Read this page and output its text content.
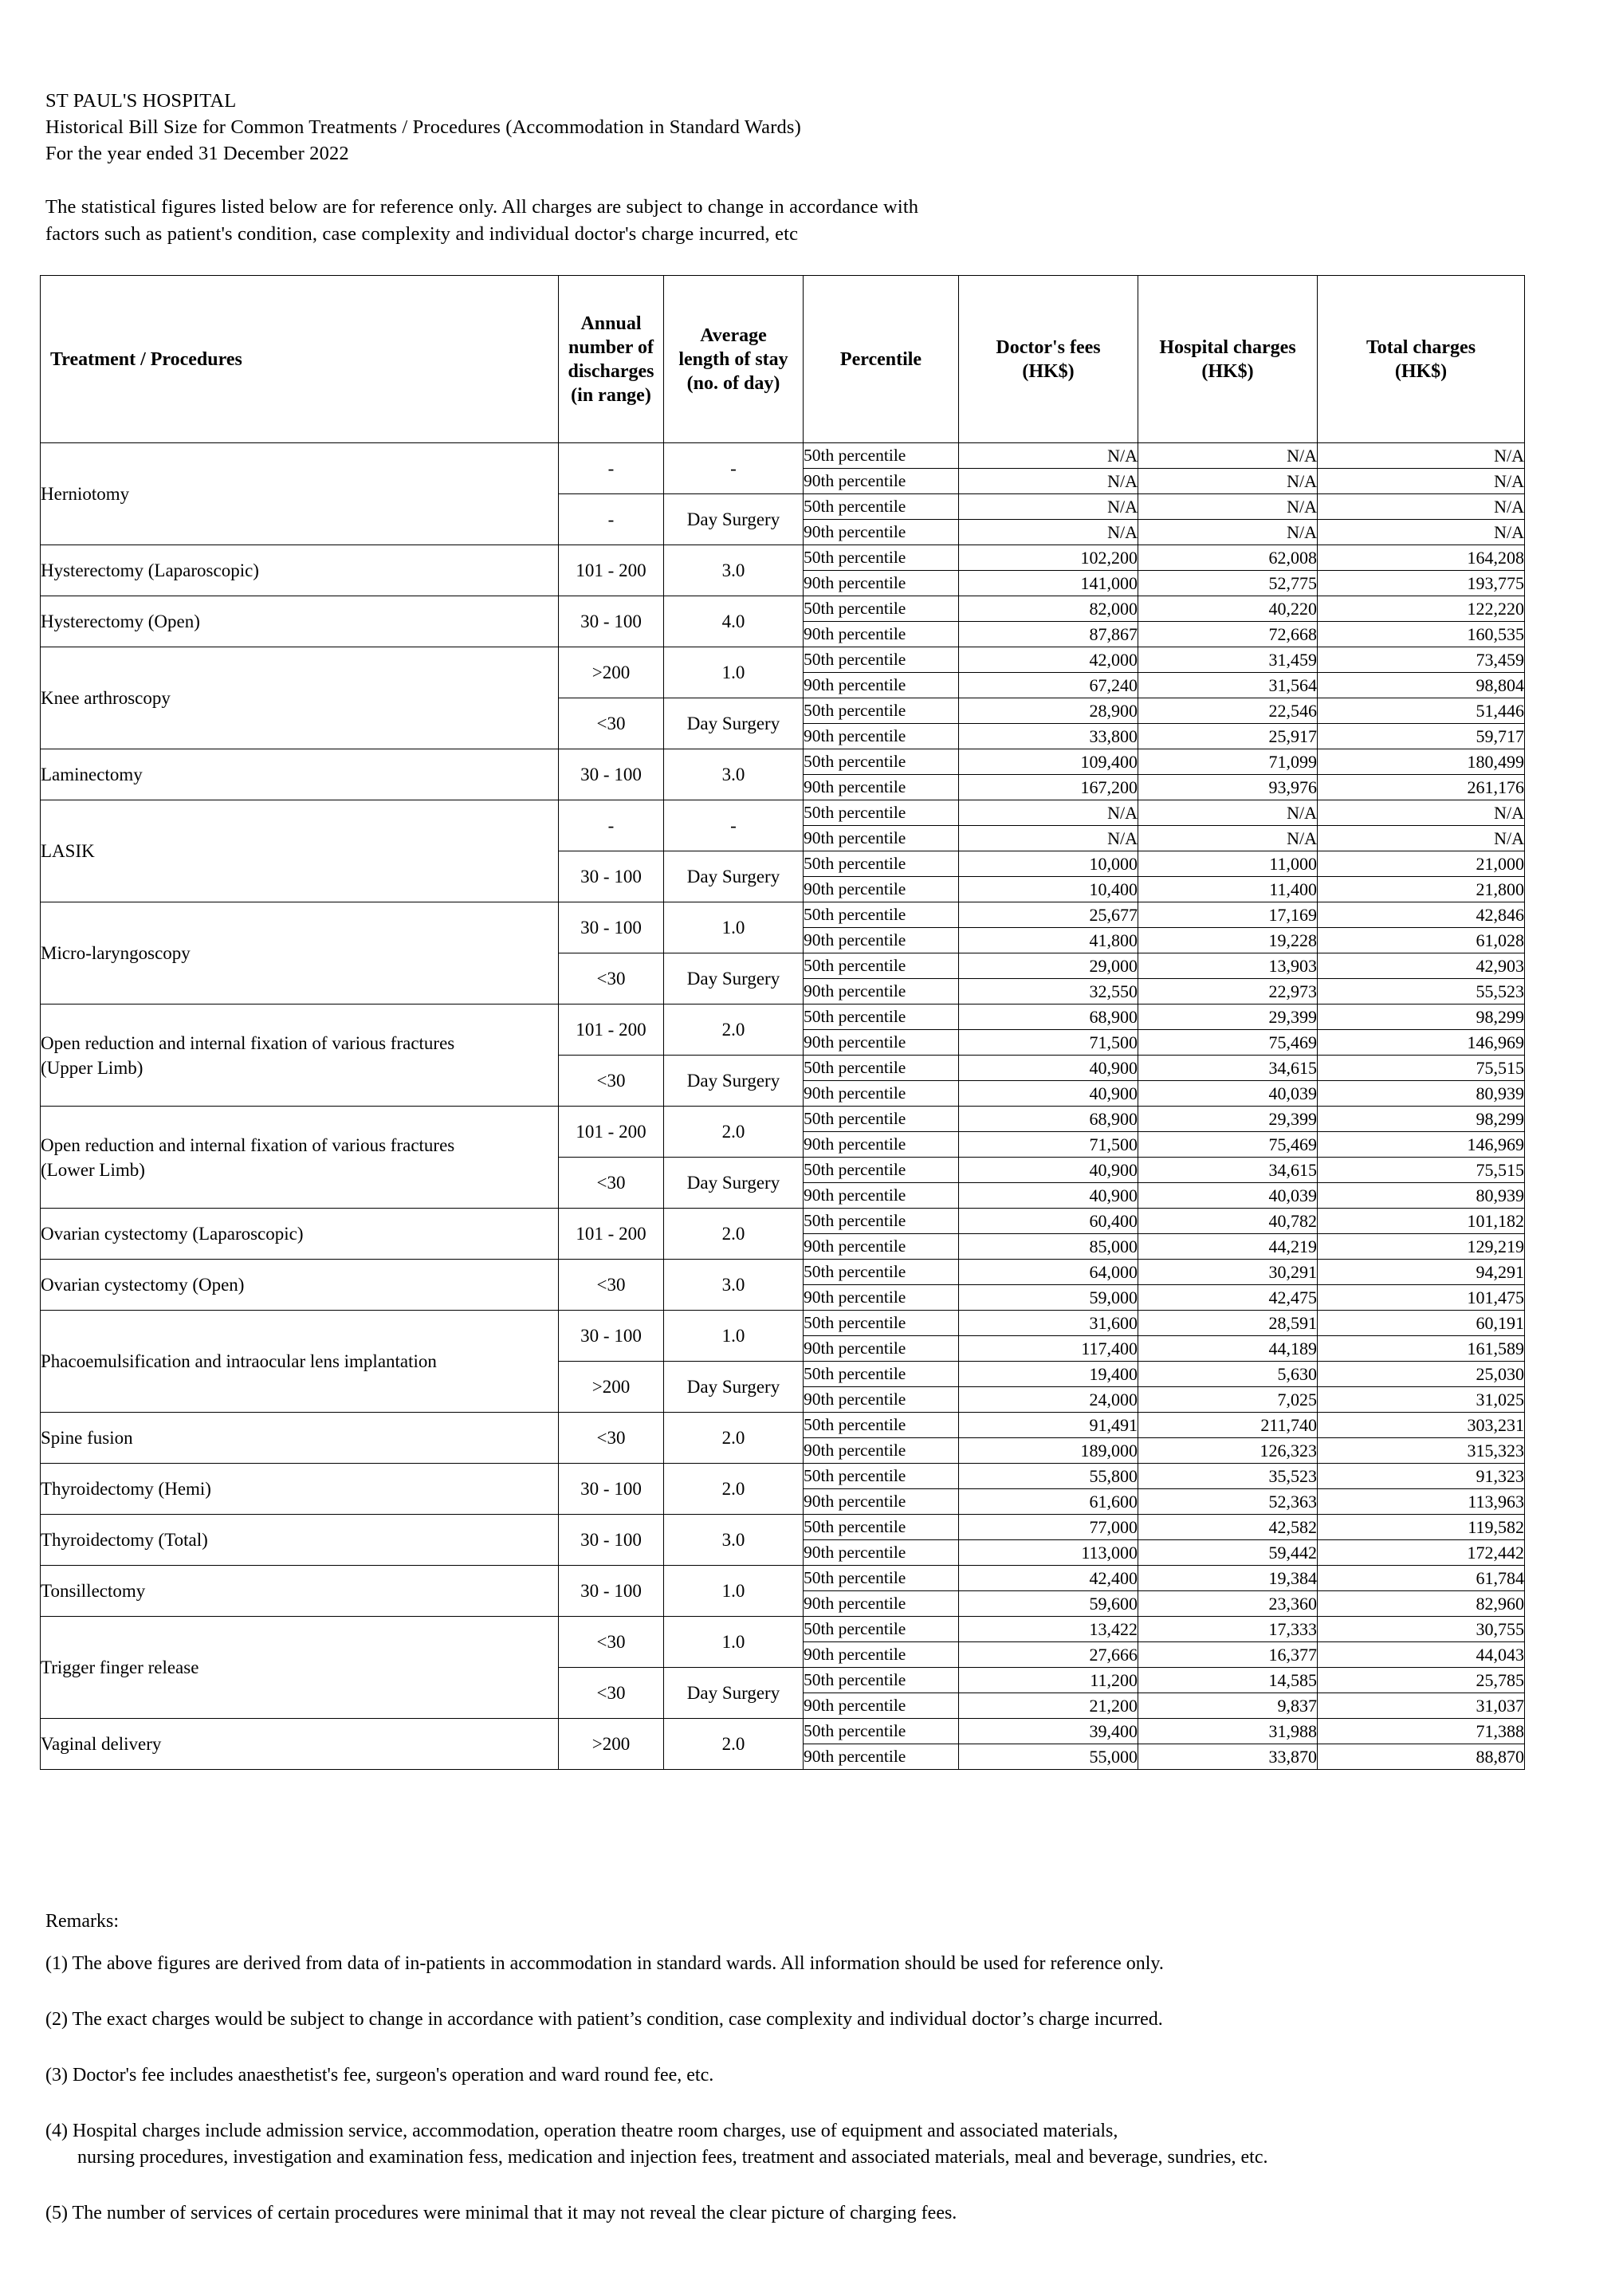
ST PAUL'S HOSPITAL
Historical Bill Size for Common Treatments / Procedures (Accommodation in Standard Wards)
For the year ended 31 December 2022
The statistical figures listed below are for reference only. All charges are subject to change in accordance with
factors such as patient's condition, case complexity and individual doctor's charge incurred, etc
Treatment / Procedures	Annual
number of
discharges
(in range)	Average
length of stay
(no. of day)	Percentile	Doctor's fees
(HK$)	Hospital charges
(HK$)	Total charges
(HK$)
Herniotomy	-	-	50th percentile	N/A	N/A	N/A
			90th percentile	N/A	N/A	N/A
	-	Day Surgery	50th percentile	N/A	N/A	N/A
			90th percentile	N/A	N/A	N/A
Hysterectomy (Laparoscopic)	101 - 200	3.0	50th percentile	102,200	62,008	164,208
			90th percentile	141,000	52,775	193,775
Hysterectomy (Open)	30 - 100	4.0	50th percentile	82,000	40,220	122,220
			90th percentile	87,867	72,668	160,535
Knee arthroscopy	>200	1.0	50th percentile	42,000	31,459	73,459
			90th percentile	67,240	31,564	98,804
	<30	Day Surgery	50th percentile	28,900	22,546	51,446
			90th percentile	33,800	25,917	59,717
Laminectomy	30 - 100	3.0	50th percentile	109,400	71,099	180,499
			90th percentile	167,200	93,976	261,176
LASIK	-	-	50th percentile	N/A	N/A	N/A
			90th percentile	N/A	N/A	N/A
	30 - 100	Day Surgery	50th percentile	10,000	11,000	21,000
			90th percentile	10,400	11,400	21,800
Micro-laryngoscopy	30 - 100	1.0	50th percentile	25,677	17,169	42,846
			90th percentile	41,800	19,228	61,028
	<30	Day Surgery	50th percentile	29,000	13,903	42,903
			90th percentile	32,550	22,973	55,523

Open reduction and internal fixation of various fractures
(Upper Limb)	101 - 200	2.0	50th percentile	68,900	29,399	98,299
			90th percentile	71,500	75,469	146,969
	<30	Day Surgery	50th percentile	40,900	34,615	75,515
			90th percentile	40,900	40,039	80,939

Open reduction and internal fixation of various fractures
(Lower Limb)	101 - 200	2.0	50th percentile	68,900	29,399	98,299
			90th percentile	71,500	75,469	146,969
	<30	Day Surgery	50th percentile	40,900	34,615	75,515
			90th percentile	40,900	40,039	80,939
Ovarian cystectomy (Laparoscopic)	101 - 200	2.0	50th percentile	60,400	40,782	101,182
			90th percentile	85,000	44,219	129,219
Ovarian cystectomy (Open)	<30	3.0	50th percentile	64,000	30,291	94,291
			90th percentile	59,000	42,475	101,475
Phacoemulsification and intraocular lens implantation	30 - 100	1.0	50th percentile	31,600	28,591	60,191
			90th percentile	117,400	44,189	161,589
	>200	Day Surgery	50th percentile	19,400	5,630	25,030
			90th percentile	24,000	7,025	31,025
Spine fusion	<30	2.0	50th percentile	91,491	211,740	303,231
			90th percentile	189,000	126,323	315,323
Thyroidectomy (Hemi)	30 - 100	2.0	50th percentile	55,800	35,523	91,323
			90th percentile	61,600	52,363	113,963
Thyroidectomy (Total)	30 - 100	3.0	50th percentile	77,000	42,582	119,582
			90th percentile	113,000	59,442	172,442
Tonsillectomy	30 - 100	1.0	50th percentile	42,400	19,384	61,784
			90th percentile	59,600	23,360	82,960
Trigger finger release	<30	1.0	50th percentile	13,422	17,333	30,755
			90th percentile	27,666	16,377	44,043
	<30	Day Surgery	50th percentile	11,200	14,585	25,785
			90th percentile	21,200	9,837	31,037
Vaginal delivery	>200	2.0	50th percentile	39,400	31,988	71,388
			90th percentile	55,000	33,870	88,870
Remarks:
(1) The above figures are derived from data of in-patients in accommodation in standard wards. All information should be used for reference only.
(2) The exact charges would be subject to change in accordance with patient’s condition, case complexity and individual doctor’s charge incurred.
(3) Doctor's fee includes anaesthetist's fee, surgeon's operation and ward round fee, etc.
(4) Hospital charges include admission service, accommodation, operation theatre room charges, use of equipment and associated materials,
nursing procedures, investigation and examination fess, medication and injection fees, treatment and associated materials, meal and beverage, sundries, etc.
(5) The number of services of certain procedures were minimal that it may not reveal the clear picture of charging fees.
